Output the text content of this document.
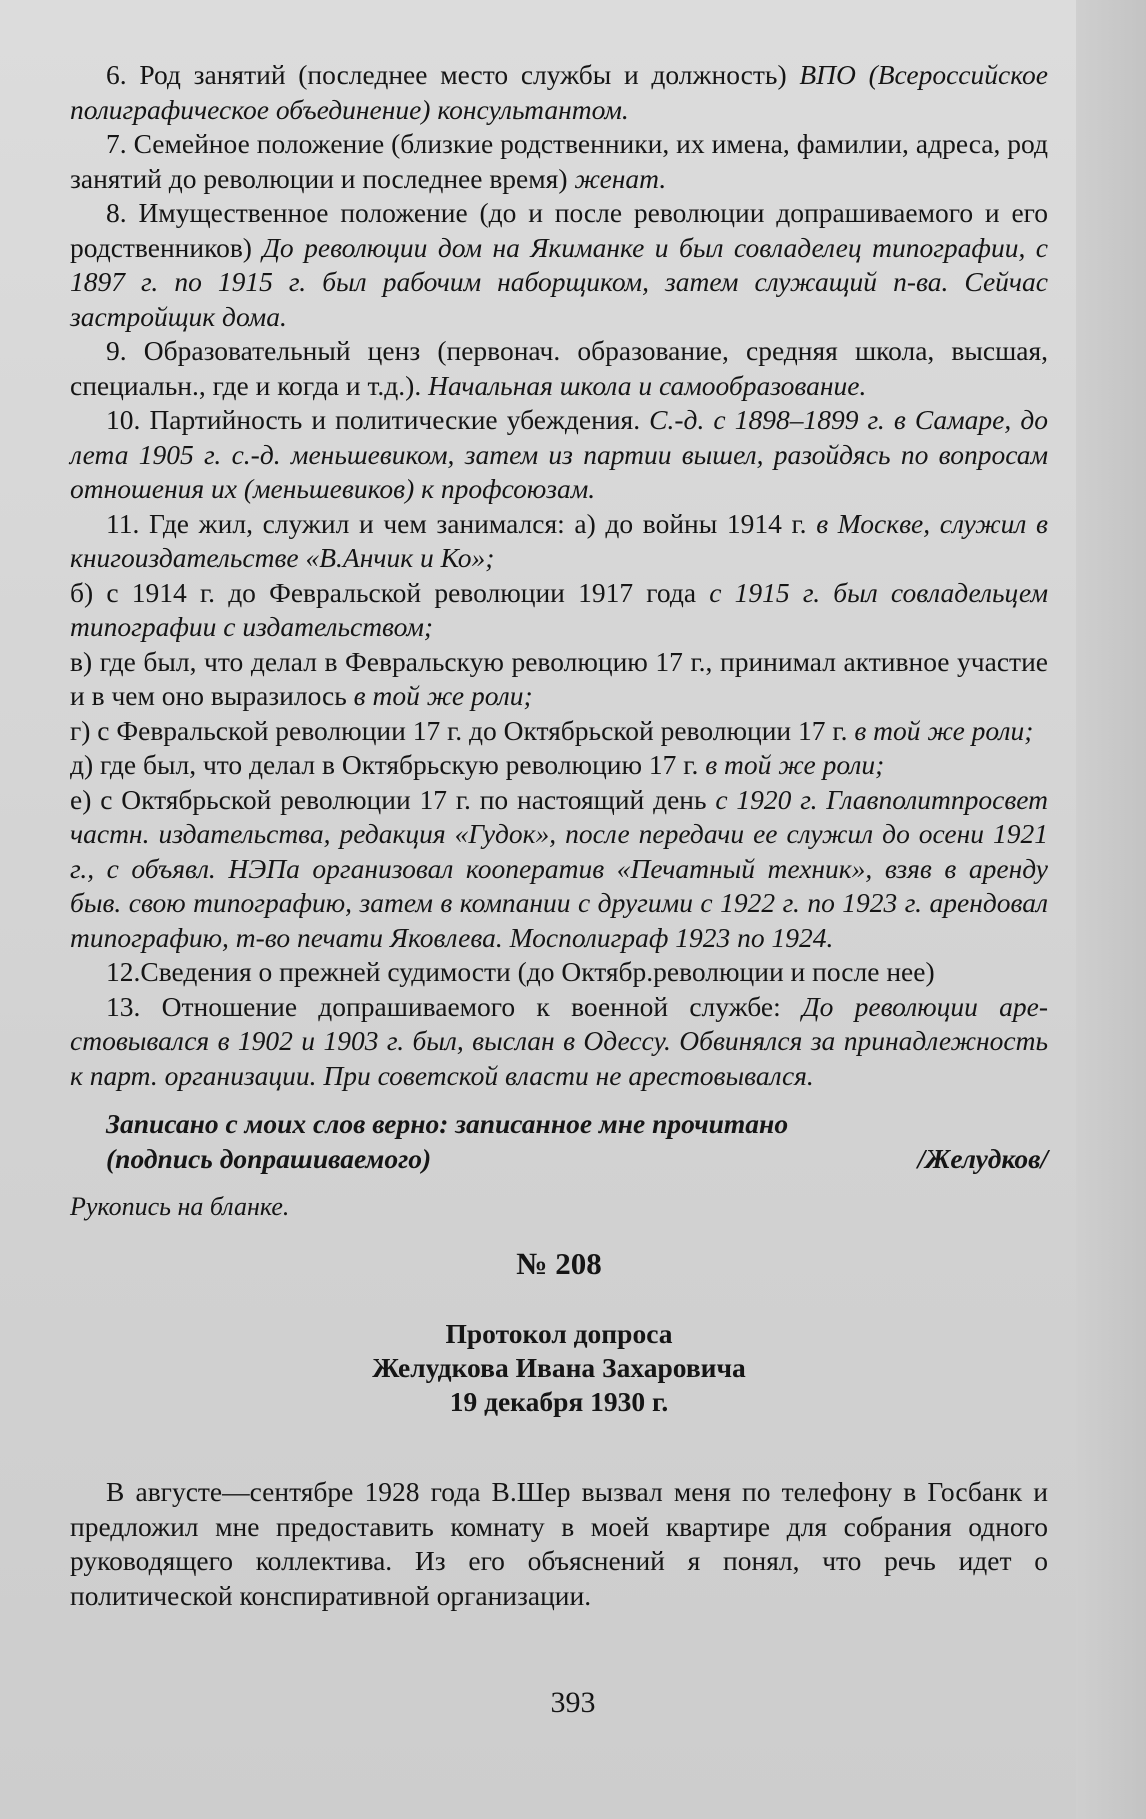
6. Род занятий (последнее место службы и должность) ВПО (Всероссийское полиграфическое объединение) консультантом.

7. Семейное положение (близкие родственники, их имена, фамилии, адреса, род занятий до революции и последнее время) женат.

8. Имущественное положение (до и после революции допрашиваемого и его родственников) До революции дом на Якиманке и был совладелец типографии, с 1897 г. по 1915 г. был рабочим наборщиком, затем служащий п-ва. Сейчас застройщик дома.

9. Образовательный ценз (первонач. образование, средняя школа, высшая, специальн., где и когда и т.д.). Начальная школа и самообразование.

10. Партийность и политические убеждения. С.-д. с 1898–1899 г. в Самаре, до лета 1905 г. с.-д. меньшевиком, затем из партии вышел, разойдясь по вопросам отношения их (меньшевиков) к профсоюзам.

11. Где жил, служил и чем занимался: а) до войны 1914 г. в Москве, служил в книгоиздательстве «В.Анчик и Ко»;

б) с 1914 г. до Февральской революции 1917 года с 1915 г. был совладельцем типографии с издательством;

в) где был, что делал в Февральскую революцию 17 г., принимал активное участие и в чем оно выразилось в той же роли;

г) с Февральской революции 17 г. до Октябрьской революции 17 г. в той же роли;

д) где был, что делал в Октябрьскую революцию 17 г. в той же роли;

е) с Октябрьской революции 17 г. по настоящий день с 1920 г. Главполитпросвет частн. издательства, редакция «Гудок», после передачи ее служил до осени 1921 г., с объявл. НЭПа организовал кооператив «Печатный техник», взяв в аренду быв. свою типографию, затем в компании с другими с 1922 г. по 1923 г. арендовал типографию, т-во печати Яковлева. Мосполиграф 1923 по 1924.

12.Сведения о прежней судимости (до Октябр.революции и после нее)

13. Отношение допрашиваемого к военной службе: До революции арестовывался в 1902 и 1903 г. был, выслан в Одессу. Обвинялся за принадлежность к парт. организации. При советской власти не арестовывался.

Записано с моих слов верно: записанное мне прочитано

(подпись допрашиваемого)	/Желудков/

Рукопись на бланке.

№ 208

Протокол допроса

Желудкова Ивана Захаровича

19 декабря 1930 г.

В августе—сентябре 1928 года В.Шер вызвал меня по телефону в Госбанк и предложил мне предоставить комнату в моей квартире для собрания одного руководящего коллектива. Из его объяснений я понял, что речь идет о политической конспиративной организации.

393
